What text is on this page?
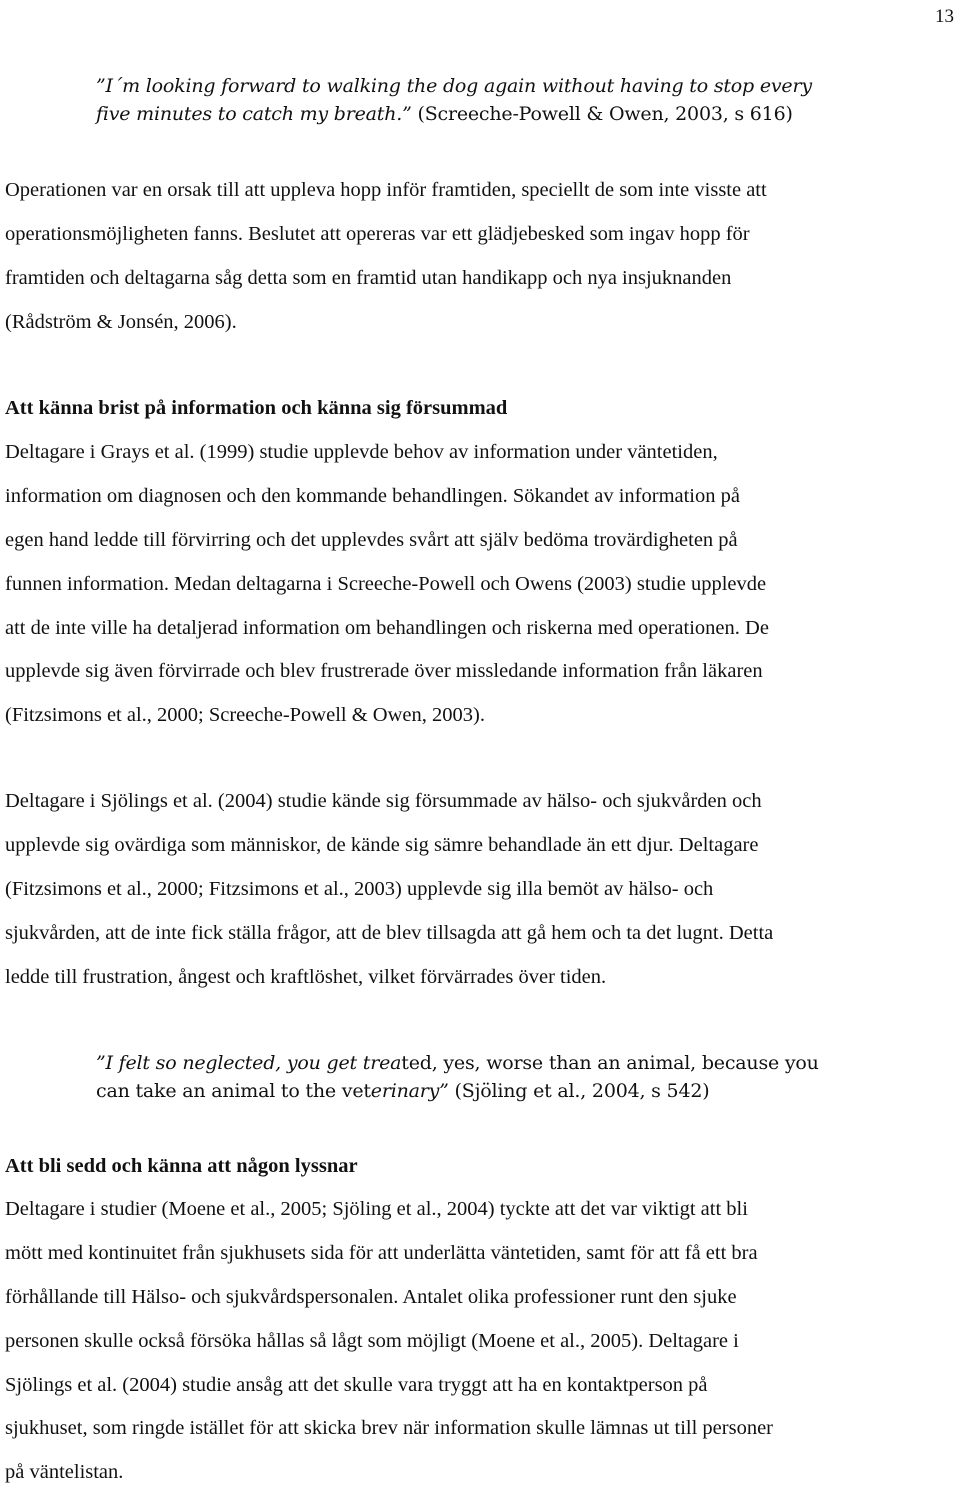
13
”I´m looking forward to walking the dog again without having to stop every
five minutes to catch my breath.” (Screeche-Powell & Owen, 2003, s 616)
Operationen var en orsak till att uppleva hopp inför framtiden, speciellt de som inte visste att
operationsmöjligheten fanns. Beslutet att opereras var ett glädjebesked som ingav hopp för
framtiden och deltagarna såg detta som en framtid utan handikapp och nya insjuknanden
(Rådström & Jonsén, 2006).
Att känna brist på information och känna sig försummad
Deltagare i Grays et al. (1999) studie upplevde behov av information under väntetiden,
information om diagnosen och den kommande behandlingen. Sökandet av information på
egen hand ledde till förvirring och det upplevdes svårt att själv bedöma trovärdigheten på
funnen information. Medan deltagarna i Screeche-Powell och Owens (2003) studie upplevde
att de inte ville ha detaljerad information om behandlingen och riskerna med operationen. De
upplevde sig även förvirrade och blev frustrerade över missledande information från läkaren
(Fitzsimons et al., 2000; Screeche-Powell & Owen, 2003).
Deltagare i Sjölings et al. (2004) studie kände sig försummade av hälso- och sjukvården och
upplevde sig ovärdiga som människor, de kände sig sämre behandlade än ett djur. Deltagare
(Fitzsimons et al., 2000; Fitzsimons et al., 2003) upplevde sig illa bemöt av hälso- och
sjukvården, att de inte fick ställa frågor, att de blev tillsagda att gå hem och ta det lugnt. Detta
ledde till frustration, ångest och kraftlöshet, vilket förvärrades över tiden.
”I felt so neglected, you get treated, yes, worse than an animal, because you
can take an animal to the veterinary” (Sjöling et al., 2004, s 542)
Att bli sedd och känna att någon lyssnar
Deltagare i studier (Moene et al., 2005; Sjöling et al., 2004) tyckte att det var viktigt att bli
mött med kontinuitet från sjukhusets sida för att underlätta väntetiden, samt för att få ett bra
förhållande till Hälso- och sjukvårdspersonalen. Antalet olika professioner runt den sjuke
personen skulle också försöka hållas så lågt som möjligt (Moene et al., 2005). Deltagare i
Sjölings et al. (2004) studie ansåg att det skulle vara tryggt att ha en kontaktperson på
sjukhuset, som ringde istället för att skicka brev när information skulle lämnas ut till personer
på väntelistan.
